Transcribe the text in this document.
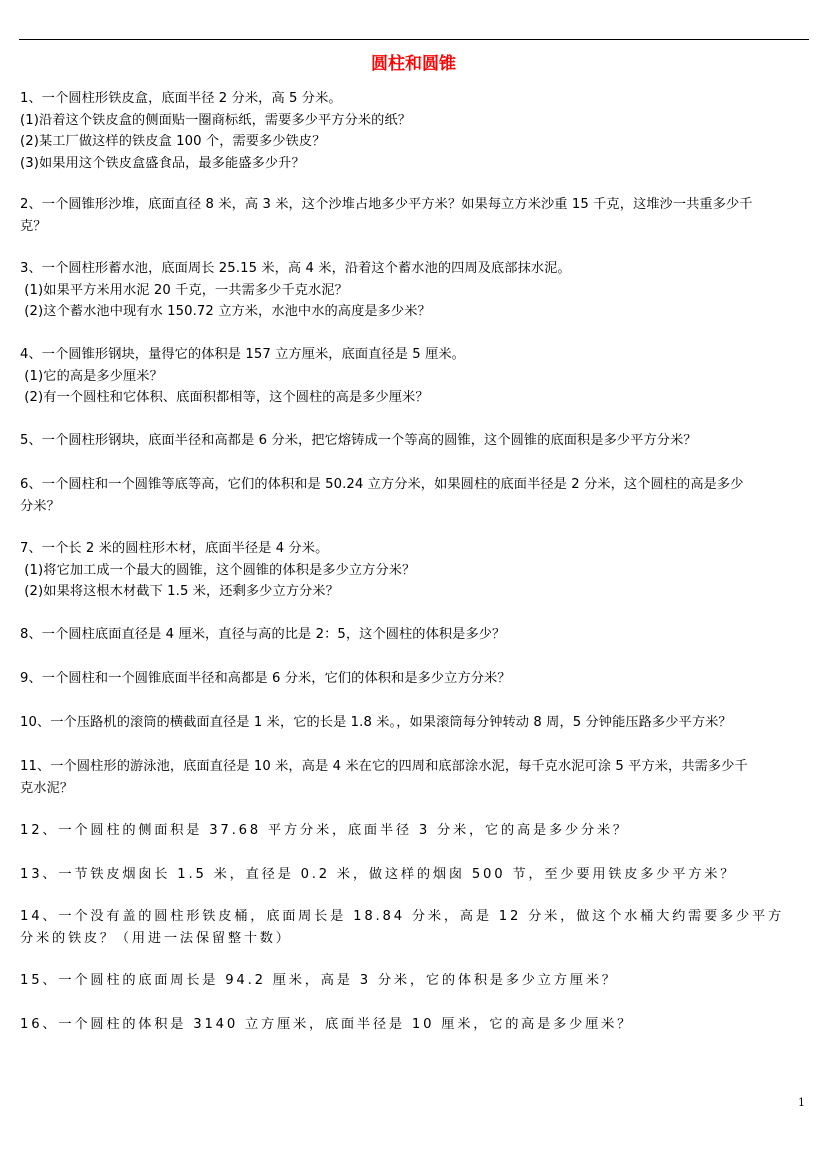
圆柱和圆锥
1、一个圆柱形铁皮盒，底面半径 2 分米，高 5 分米。
(1)沿着这个铁皮盒的侧面贴一圈商标纸，需要多少平方分米的纸？
(2)某工厂做这样的铁皮盒 100 个，需要多少铁皮？
(3)如果用这个铁皮盒盛食品，最多能盛多少升？
2、一个圆锥形沙堆，底面直径 8 米，高 3 米，这个沙堆占地多少平方米？如果每立方米沙重 15 千克，这堆沙一共重多少千
克？
3、一个圆柱形蓄水池，底面周长 25.15 米，高 4 米，沿着这个蓄水池的四周及底部抹水泥。
(1)如果平方米用水泥 20 千克，一共需多少千克水泥？
(2)这个蓄水池中现有水 150.72 立方米，水池中水的高度是多少米？
4、一个圆锥形钢块，量得它的体积是 157 立方厘米，底面直径是 5 厘米。
(1)它的高是多少厘米？
(2)有一个圆柱和它体积、底面积都相等，这个圆柱的高是多少厘米？
5、一个圆柱形钢块，底面半径和高都是 6 分米，把它熔铸成一个等高的圆锥，这个圆锥的底面积是多少平方分米？
6、一个圆柱和一个圆锥等底等高，它们的体积和是 50.24 立方分米，如果圆柱的底面半径是 2 分米，这个圆柱的高是多少
分米？
7、一个长 2 米的圆柱形木材，底面半径是 4 分米。
(1)将它加工成一个最大的圆锥，这个圆锥的体积是多少立方分米？
(2)如果将这根木材截下 1.5 米，还剩多少立方分米？
8、一个圆柱底面直径是 4 厘米，直径与高的比是 2：5，这个圆柱的体积是多少？
9、一个圆柱和一个圆锥底面半径和高都是 6 分米，它们的体积和是多少立方分米？
10、一个压路机的滚筒的横截面直径是 1 米，它的长是 1.8 米。，如果滚筒每分钟转动 8 周，5 分钟能压路多少平方米？
11、一个圆柱形的游泳池，底面直径是 10 米，高是 4 米在它的四周和底部涂水泥，每千克水泥可涂 5 平方米，共需多少千
克水泥？
12、一个圆柱的侧面积是 37.68 平方分米，底面半径 3 分米，它的高是多少分米？
13、一节铁皮烟囱长 1.5 米，直径是 0.2 米，做这样的烟囱 500 节，至少要用铁皮多少平方米？
14、一个没有盖的圆柱形铁皮桶，底面周长是 18.84 分米，高是 12 分米，做这个水桶大约需要多少平方
分米的铁皮？（用进一法保留整十数）
15、一个圆柱的底面周长是 94.2 厘米，高是 3 分米，它的体积是多少立方厘米？
16、一个圆柱的体积是 3140 立方厘米，底面半径是 10 厘米，它的高是多少厘米？
1
